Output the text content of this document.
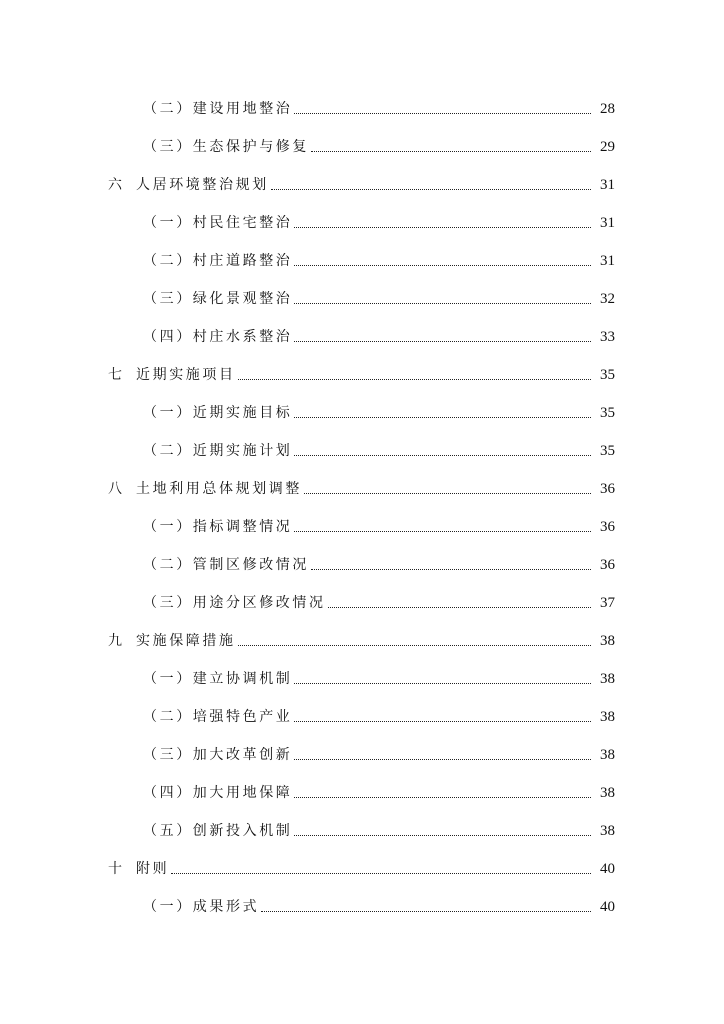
（二）建设用地整治	28
（三）生态保护与修复	29
六 人居环境整治规划	31
（一）村民住宅整治	31
（二）村庄道路整治	31
（三）绿化景观整治	32
（四）村庄水系整治	33
七 近期实施项目	35
（一）近期实施目标	35
（二）近期实施计划	35
八 土地利用总体规划调整	36
（一）指标调整情况	36
（二）管制区修改情况	36
（三）用途分区修改情况	37
九 实施保障措施	38
（一）建立协调机制	38
（二）培强特色产业	38
（三）加大改革创新	38
（四）加大用地保障	38
（五）创新投入机制	38
十 附则	40
（一）成果形式	40
